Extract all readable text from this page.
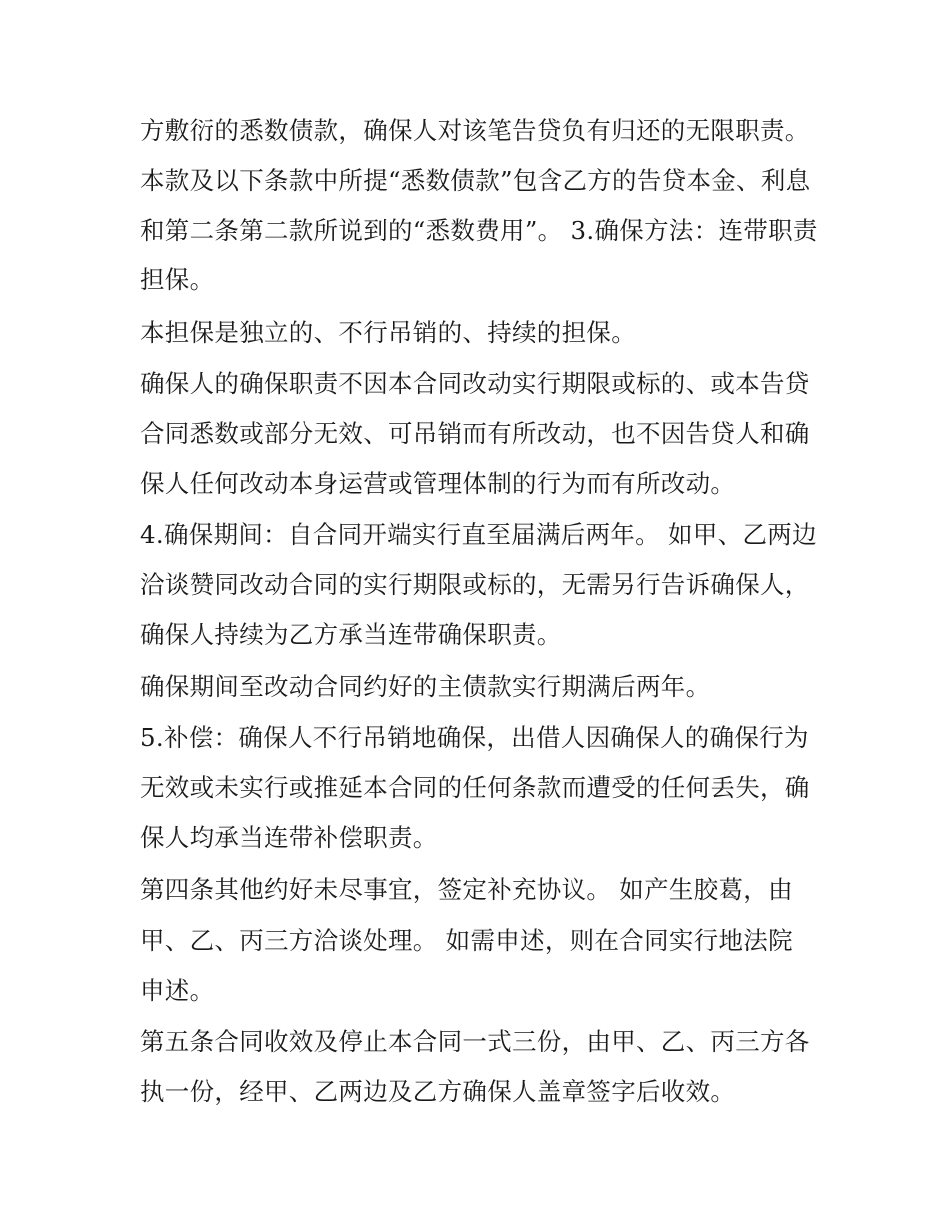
方敷衍的悉数债款，确保人对该笔告贷负有归还的无限职责。
本款及以下条款中所提“悉数债款”包含乙方的告贷本金、利息
和第二条第二款所说到的“悉数费用”。 3.确保方法：连带职责
担保。
本担保是独立的、不行吊销的、持续的担保。
确保人的确保职责不因本合同改动实行期限或标的、或本告贷
合同悉数或部分无效、可吊销而有所改动，也不因告贷人和确
保人任何改动本身运营或管理体制的行为而有所改动。
4.确保期间：自合同开端实行直至届满后两年。 如甲、乙两边
洽谈赞同改动合同的实行期限或标的，无需另行告诉确保人，
确保人持续为乙方承当连带确保职责。
确保期间至改动合同约好的主债款实行期满后两年。
5.补偿：确保人不行吊销地确保，出借人因确保人的确保行为
无效或未实行或推延本合同的任何条款而遭受的任何丢失，确
保人均承当连带补偿职责。
第四条其他约好未尽事宜，签定补充协议。 如产生胶葛，由
甲、乙、丙三方洽谈处理。 如需申述，则在合同实行地法院
申述。
第五条合同收效及停止本合同一式三份，由甲、乙、丙三方各
执一份，经甲、乙两边及乙方确保人盖章签字后收效。
